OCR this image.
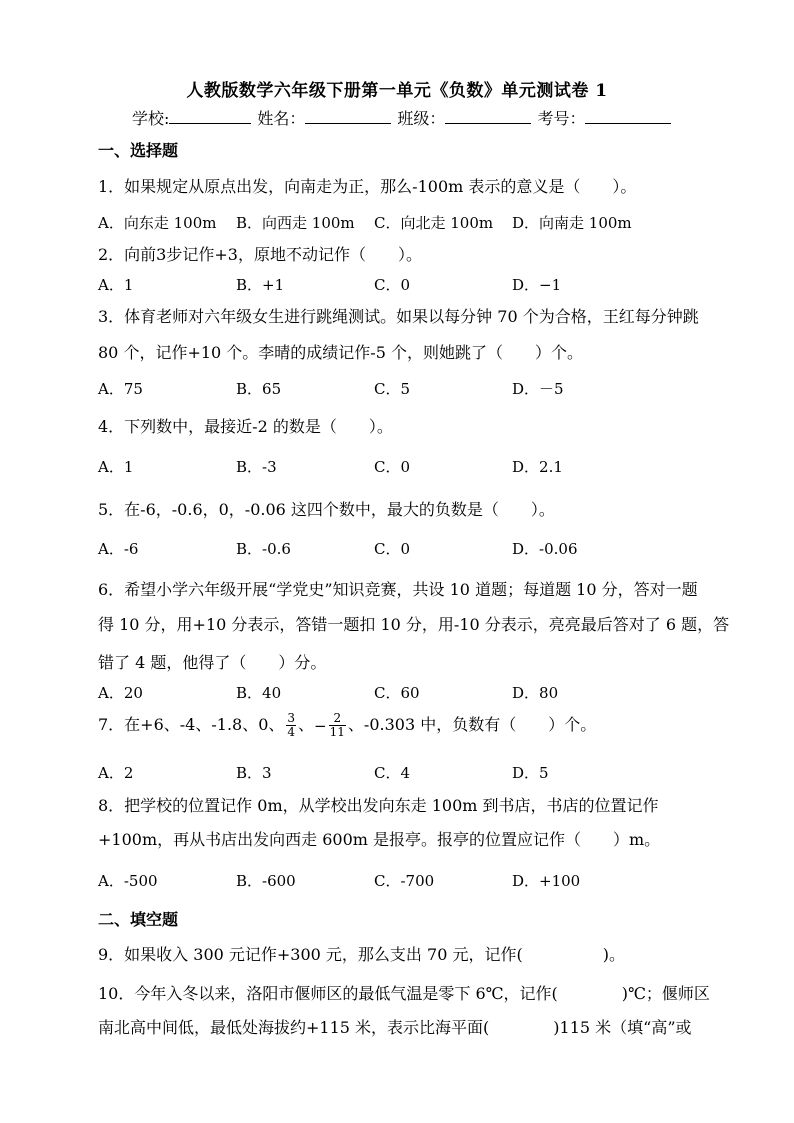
人教版数学六年级下册第一单元《负数》单元测试卷 1
学校:	姓名：	班级：	考号：
一、选择题
1．如果规定从原点出发，向南走为正，那么-100m 表示的意义是（　　）。
A．向东走 100m B．向西走 100m C．向北走 100m D．向南走 100m
2．向前3步记作+3，原地不动记作（　　）。
A．1	B．+1	C．0	D．−1
3．体育老师对六年级女生进行跳绳测试。如果以每分钟 70 个为合格，王红每分钟跳
80 个，记作+10 个。李晴的成绩记作-5 个，则她跳了（　　）个。
A．75	B．65	C．5	D．－5
4．下列数中，最接近-2 的数是（　　）。
A．1	B．-3	C．0	D．2.1
5．在-6，-0.6，0，-0.06 这四个数中，最大的负数是（　　）。
A．-6	B．-0.6	C．0	D．-0.06
6．希望小学六年级开展“学党史”知识竞赛，共设 10 道题；每道题 10 分，答对一题
得 10 分，用+10 分表示，答错一题扣 10 分，用-10 分表示，亮亮最后答对了 6 题，答
错了 4 题，他得了（　　）分。
A．20	B．40	C．60	D．80
7．在+6、-4、-1.8、0、 $\frac{3}{4}$ 、− $\frac{2}{11}$ 、-0.303 中，负数有（　　）个。
A．2	B．3	C．4	D．5
8．把学校的位置记作 0m，从学校出发向东走 100m 到书店，书店的位置记作
+100m，再从书店出发向西走 600m 是报亭。报亭的位置应记作（　　）m。
A．-500	B．-600	C．-700	D．+100
二、填空题
9．如果收入 300 元记作+300 元，那么支出 70 元，记作(　　　　　)。
10．今年入冬以来，洛阳市偃师区的最低气温是零下 6℃，记作(　　　　)℃；偃师区
南北高中间低，最低处海拔约+115 米，表示比海平面(　　　　)115 米（填“高”或
